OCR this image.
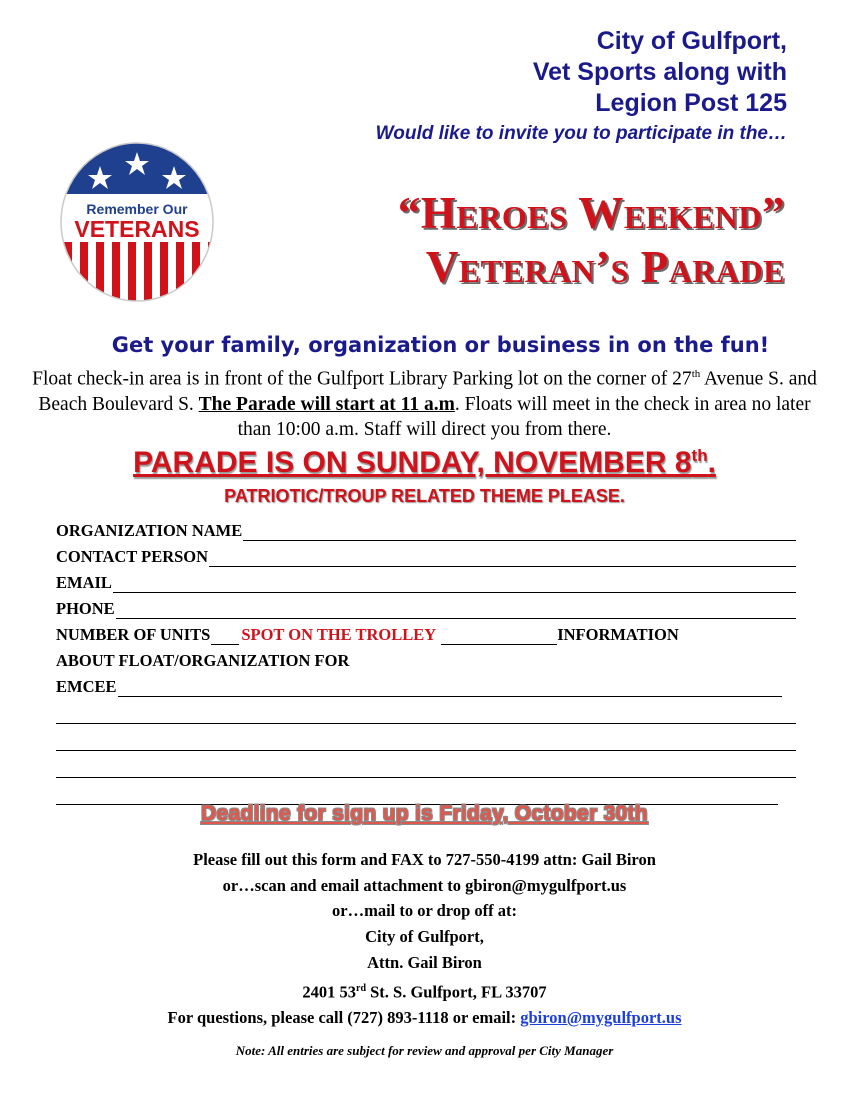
City of Gulfport,
Vet Sports along with
Legion Post 125
Would like to invite you to participate in the…
Remember Our
VETERANS	“Heroes Weekend”
Veteran’s Parade
Get your family, organization or business in on the fun!
Float check-in area is in front of the Gulfport Library Parking lot on the corner of 27th Avenue S. and Beach Boulevard S. The Parade will start at 11 a.m. Floats will meet in the check in area no later than 10:00 a.m. Staff will direct you from there.
PARADE IS ON SUNDAY, NOVEMBER 8th.
PATRIOTIC/TROUP RELATED THEME PLEASE.
ORGANIZATION NAME
CONTACT PERSON
EMAIL
PHONE
NUMBER OF UNITS SPOT ON THE TROLLEY	INFORMATION
ABOUT FLOAT/ORGANIZATION FOR
EMCEE
Deadline for sign up is Friday, October 30th
Please fill out this form and FAX to 727-550-4199 attn: Gail Biron
or…scan and email attachment to gbiron@mygulfport.us
or…mail to or drop off at:
City of Gulfport,
Attn. Gail Biron
2401 53rd St. S. Gulfport, FL 33707
For questions, please call (727) 893-1118 or email: gbiron@mygulfport.us
Note: All entries are subject for review and approval per City Manager
